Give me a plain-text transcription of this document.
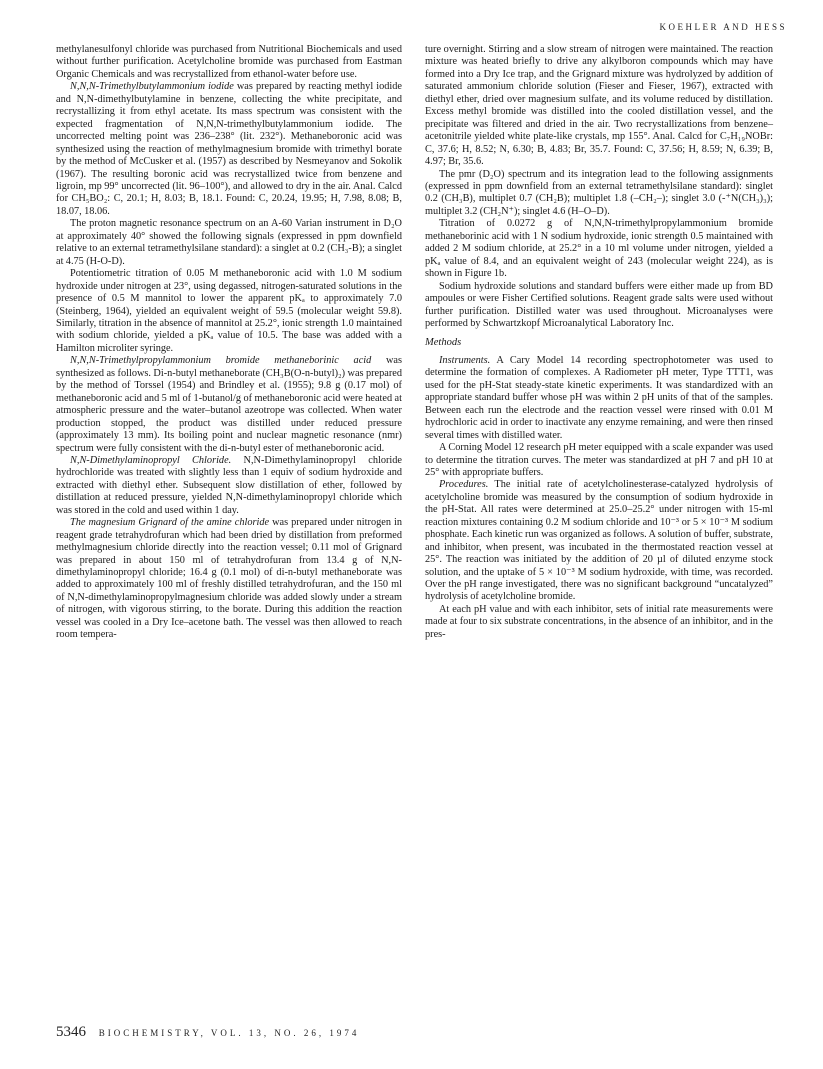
KOEHLER AND HESS

methylanesulfonyl chloride was purchased from Nutritional Biochemicals and used without further purification. Acetylcholine bromide was purchased from Eastman Organic Chemicals and was recrystallized from ethanol-water before use.

N,N,N-Trimethylbutylammonium iodide was prepared by reacting methyl iodide and N,N-dimethylbutylamine in benzene, collecting the white precipitate, and recrystallizing it from ethyl acetate. Its mass spectrum was consistent with the expected fragmentation of N,N,N-trimethylbutylammonium iodide. The uncorrected melting point was 236–238° (lit. 232°). Methaneboronic acid was synthesized using the reaction of methylmagnesium bromide with trimethyl borate by the method of McCusker et al. (1957) as described by Nesmeyanov and Sokolik (1967). The resulting boronic acid was recrystallized twice from benzene and ligroin, mp 99° uncorrected (lit. 96–100°), and allowed to dry in the air. Anal. Calcd for CH₅BO₂: C, 20.1; H, 8.03; B, 18.1. Found: C, 20.24, 19.95; H, 7.98, 8.08; B, 18.07, 18.06.

The proton magnetic resonance spectrum on an A-60 Varian instrument in D₂O at approximately 40° showed the following signals (expressed in ppm downfield relative to an external tetramethylsilane standard): a singlet at 0.2 (CH₃-B); a singlet at 4.75 (H-O-D).

Potentiometric titration of 0.05 M methaneboronic acid with 1.0 M sodium hydroxide under nitrogen at 23°, using degassed, nitrogen-saturated solutions in the presence of 0.5 M mannitol to lower the apparent pKₐ to approximately 7.0 (Steinberg, 1964), yielded an equivalent weight of 59.5 (molecular weight 59.8). Similarly, titration in the absence of mannitol at 25.2°, ionic strength 1.0 maintained with sodium chloride, yielded a pKₐ value of 10.5. The base was added with a Hamilton microliter syringe.

N,N,N-Trimethylpropylammonium bromide methaneborinic acid was synthesized as follows. Di-n-butyl methaneborate (CH₃B(O-n-butyl)₂) was prepared by the method of Torssel (1954) and Brindley et al. (1955); 9.8 g (0.17 mol) of methaneboronic acid and 5 ml of 1-butanol/g of methaneboronic acid were heated at atmospheric pressure and the water–butanol azeotrope was collected. When water production stopped, the product was distilled under reduced pressure (approximately 13 mm). Its boiling point and nuclear magnetic resonance (nmr) spectrum were fully consistent with the di-n-butyl ester of methaneboronic acid.

N,N-Dimethylaminopropyl Chloride. N,N-Dimethylaminopropyl chloride hydrochloride was treated with slightly less than 1 equiv of sodium hydroxide and extracted with diethyl ether. Subsequent slow distillation of ether, followed by distillation at reduced pressure, yielded N,N-dimethylaminopropyl chloride which was stored in the cold and used within 1 day.

The magnesium Grignard of the amine chloride was prepared under nitrogen in reagent grade tetrahydrofuran which had been dried by distillation from preformed methylmagnesium chloride directly into the reaction vessel; 0.11 mol of Grignard was prepared in about 150 ml of tetrahydrofuran from 13.4 g of N,N-dimethylaminopropyl chloride; 16.4 g (0.1 mol) of di-n-butyl methaneborate was added to approximately 100 ml of freshly distilled tetrahydrofuran, and the 150 ml of N,N-dimethylaminopropylmagnesium chloride was added slowly under a stream of nitrogen, with vigorous stirring, to the borate. During this addition the reaction vessel was cooled in a Dry Ice–acetone bath. The vessel was then allowed to reach room tempera-

ture overnight. Stirring and a slow stream of nitrogen were maintained. The reaction mixture was heated briefly to drive any alkylboron compounds which may have formed into a Dry Ice trap, and the Grignard mixture was hydrolyzed by addition of saturated ammonium chloride solution (Fieser and Fieser, 1967), extracted with diethyl ether, dried over magnesium sulfate, and its volume reduced by distillation. Excess methyl bromide was distilled into the cooled distillation vessel, and the precipitate was filtered and dried in the air. Two recrystallizations from benzene–acetonitrile yielded white plate-like crystals, mp 155°. Anal. Calcd for C₇H₁₉NOBr: C, 37.6; H, 8.52; N, 6.30; B, 4.83; Br, 35.7. Found: C, 37.56; H, 8.59; N, 6.39; B, 4.97; Br, 35.6.

The pmr (D₂O) spectrum and its integration lead to the following assignments (expressed in ppm downfield from an external tetramethylsilane standard): singlet 0.2 (CH₃B), multiplet 0.7 (CH₂B); multiplet 1.8 (–CH₂–); singlet 3.0 (-⁺N(CH₃)₃); multiplet 3.2 (CH₂N⁺); singlet 4.6 (H–O–D).

Titration of 0.0272 g of N,N,N-trimethylpropylammonium bromide methaneborinic acid with 1 N sodium hydroxide, ionic strength 0.5 maintained with added 2 M sodium chloride, at 25.2° in a 10 ml volume under nitrogen, yielded a pKₐ value of 8.4, and an equivalent weight of 243 (molecular weight 224), as is shown in Figure 1b.

Sodium hydroxide solutions and standard buffers were either made up from BD ampoules or were Fisher Certified solutions. Reagent grade salts were used without further purification. Distilled water was used throughout. Microanalyses were performed by Schwartzkopf Microanalytical Laboratory Inc.

Methods

Instruments. A Cary Model 14 recording spectrophotometer was used to determine the formation of complexes. A Radiometer pH meter, Type TTT1, was used for the pH-Stat steady-state kinetic experiments. It was standardized with an appropriate standard buffer whose pH was within 2 pH units of that of the samples. Between each run the electrode and the reaction vessel were rinsed with 0.01 M hydrochloric acid in order to inactivate any enzyme remaining, and were then rinsed several times with distilled water.

A Corning Model 12 research pH meter equipped with a scale expander was used to determine the titration curves. The meter was standardized at pH 7 and pH 10 at 25° with appropriate buffers.

Procedures. The initial rate of acetylcholinesterase-catalyzed hydrolysis of acetylcholine bromide was measured by the consumption of sodium hydroxide in the pH-Stat. All rates were determined at 25.0–25.2° under nitrogen with 15-ml reaction mixtures containing 0.2 M sodium chloride and 10⁻³ or 5 × 10⁻³ M sodium phosphate. Each kinetic run was organized as follows. A solution of buffer, substrate, and inhibitor, when present, was incubated in the thermostated reaction vessel at 25°. The reaction was initiated by the addition of 20 µl of diluted enzyme stock solution, and the uptake of 5 × 10⁻³ M sodium hydroxide, with time, was recorded. Over the pH range investigated, there was no significant background “uncatalyzed” hydrolysis of acetylcholine bromide.

At each pH value and with each inhibitor, sets of initial rate measurements were made at four to six substrate concentrations, in the absence of an inhibitor, and in the pres-

5346 BIOCHEMISTRY, VOL. 13, NO. 26, 1974
